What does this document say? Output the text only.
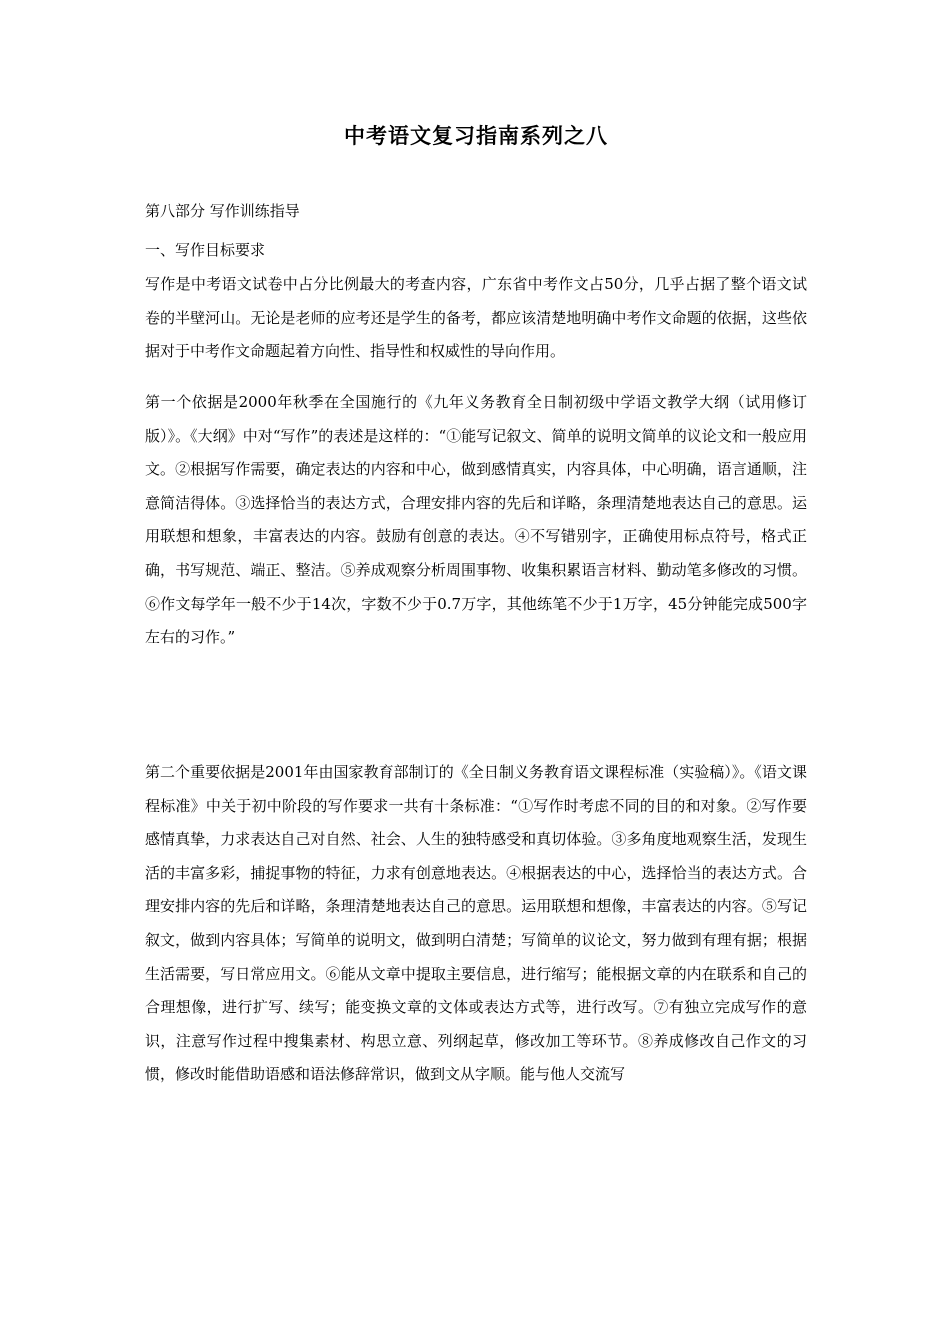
中考语文复习指南系列之八

第八部分 写作训练指导

一、写作目标要求

写作是中考语文试卷中占分比例最大的考查内容，广东省中考作文占50分，几乎占据了整个语文试卷的半壁河山。无论是老师的应考还是学生的备考，都应该清楚地明确中考作文命题的依据，这些依据对于中考作文命题起着方向性、指导性和权威性的导向作用。

第一个依据是2000年秋季在全国施行的《九年义务教育全日制初级中学语文教学大纲（试用修订版）》。《大纲》中对“写作”的表述是这样的：“①能写记叙文、简单的说明文简单的议论文和一般应用文。②根据写作需要，确定表达的内容和中心，做到感情真实，内容具体，中心明确，语言通顺，注意简洁得体。③选择恰当的表达方式，合理安排内容的先后和详略，条理清楚地表达自己的意思。运用联想和想象，丰富表达的内容。鼓励有创意的表达。④不写错别字，正确使用标点符号，格式正确，书写规范、端正、整洁。⑤养成观察分析周围事物、收集积累语言材料、勤动笔多修改的习惯。⑥作文每学年一般不少于14次，字数不少于0.7万字，其他练笔不少于1万字，45分钟能完成500字左右的习作。”

第二个重要依据是2001年由国家教育部制订的《全日制义务教育语文课程标准（实验稿）》。《语文课程标准》中关于初中阶段的写作要求一共有十条标准：“①写作时考虑不同的目的和对象。②写作要感情真挚，力求表达自己对自然、社会、人生的独特感受和真切体验。③多角度地观察生活，发现生活的丰富多彩，捕捉事物的特征，力求有创意地表达。④根据表达的中心，选择恰当的表达方式。合理安排内容的先后和详略，条理清楚地表达自己的意思。运用联想和想像，丰富表达的内容。⑤写记叙文，做到内容具体；写简单的说明文，做到明白清楚；写简单的议论文，努力做到有理有据；根据生活需要，写日常应用文。⑥能从文章中提取主要信息，进行缩写；能根据文章的内在联系和自己的合理想像，进行扩写、续写；能变换文章的文体或表达方式等，进行改写。⑦有独立完成写作的意识，注意写作过程中搜集素材、构思立意、列纲起草，修改加工等环节。⑧养成修改自己作文的习惯，修改时能借助语感和语法修辞常识，做到文从字顺。能与他人交流写
